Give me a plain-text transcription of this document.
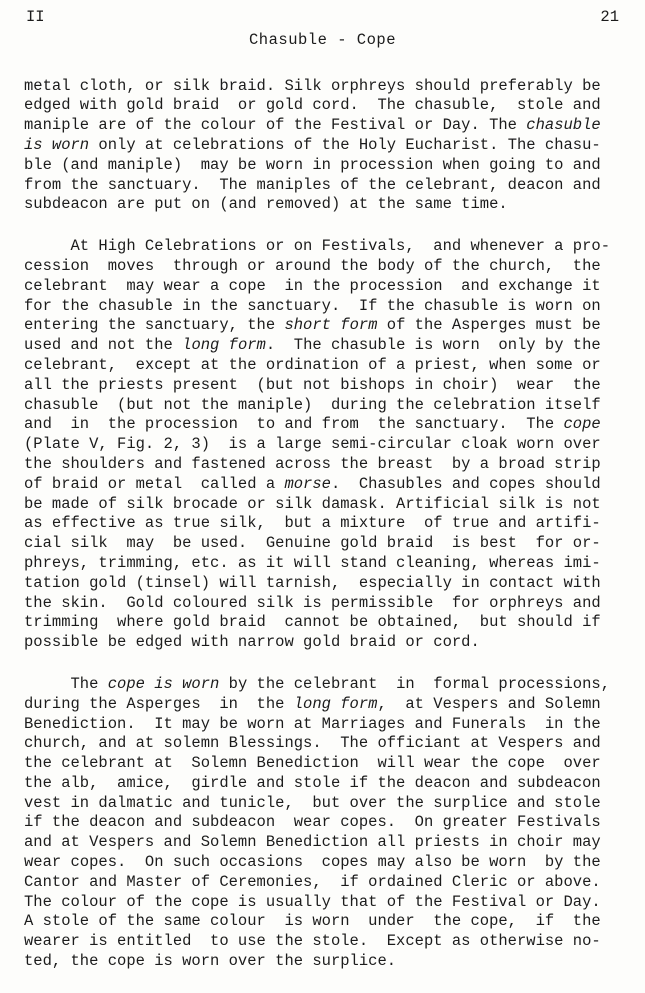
II	21
Chasuble - Cope
metal cloth, or silk braid. Silk orphreys should preferably be
edged with gold braid  or gold cord.  The chasuble,  stole and
maniple are of the colour of the Festival or Day. The chasuble
is worn only at celebrations of the Holy Eucharist. The chasu-
ble (and maniple)  may be worn in procession when going to and
from the sanctuary.  The maniples of the celebrant, deacon and
subdeacon are put on (and removed) at the same time.
At High Celebrations or on Festivals,  and whenever a pro-
cession  moves  through or around the body of the church,  the
celebrant  may wear a cope  in the procession  and exchange it
for the chasuble in the sanctuary.  If the chasuble is worn on
entering the sanctuary, the short form of the Asperges must be
used and not the long form.  The chasuble is worn  only by the
celebrant,  except at the ordination of a priest, when some or
all the priests present  (but not bishops in choir)  wear  the
chasuble  (but not the maniple)  during the celebration itself
and  in  the procession  to and from  the sanctuary.  The cope
(Plate V, Fig. 2, 3)  is a large semi-circular cloak worn over
the shoulders and fastened across the breast  by a broad strip
of braid or metal  called a morse.  Chasubles and copes should
be made of silk brocade or silk damask. Artificial silk is not
as effective as true silk,  but a mixture  of true and artifi-
cial silk  may  be used.  Genuine gold braid  is best  for or-
phreys, trimming, etc. as it will stand cleaning, whereas imi-
tation gold (tinsel) will tarnish,  especially in contact with
the skin.  Gold coloured silk is permissible  for orphreys and
trimming  where gold braid  cannot be obtained,  but should if
possible be edged with narrow gold braid or cord.
The cope is worn by the celebrant  in  formal processions,
during the Asperges  in  the long form,  at Vespers and Solemn
Benediction.  It may be worn at Marriages and Funerals  in the
church, and at solemn Blessings.  The officiant at Vespers and
the celebrant at  Solemn Benediction  will wear the cope  over
the alb,  amice,  girdle and stole if the deacon and subdeacon
vest in dalmatic and tunicle,  but over the surplice and stole
if the deacon and subdeacon  wear copes.  On greater Festivals
and at Vespers and Solemn Benediction all priests in choir may
wear copes.  On such occasions  copes may also be worn  by the
Cantor and Master of Ceremonies,  if ordained Cleric or above.
The colour of the cope is usually that of the Festival or Day.
A stole of the same colour  is worn  under  the cope,  if  the
wearer is entitled  to use the stole.  Except as otherwise no-
ted, the cope is worn over the surplice.
